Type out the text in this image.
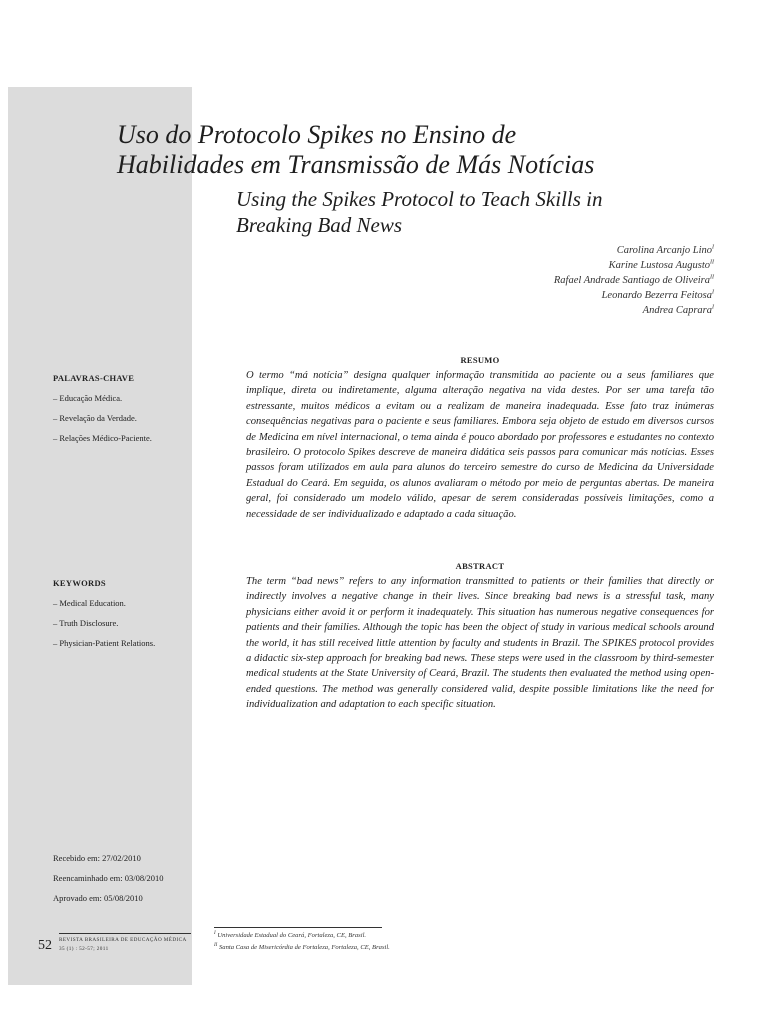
Uso do Protocolo Spikes no Ensino de
Habilidades em Transmissão de Más Notícias
Using the Spikes Protocol to Teach Skills in
Breaking Bad News
Carolina Arcanjo Lino$^I$
Karine Lustosa Augusto$^{II}$
Rafael Andrade Santiago de Oliveira$^{II}$
Leonardo Bezerra Feitosa$^I$
Andrea Caprara$^I$
PALAVRAS-CHAVE
– Educação Médica.
– Revelação da Verdade.
– Relações Médico-Paciente.
KEYWORDS
– Medical Education.
– Truth Disclosure.
– Physician-Patient Relations.
RESUMO
O termo “má notícia” designa qualquer informação transmitida ao paciente ou a seus familiares que implique, direta ou indiretamente, alguma alteração negativa na vida destes. Por ser uma tarefa tão estressante, muitos médicos a evitam ou a realizam de maneira inadequada. Esse fato traz inúmeras consequências negativas para o paciente e seus familiares. Embora seja objeto de estudo em diversos cursos de Medicina em nível internacional, o tema ainda é pouco abordado por professores e estudantes no contexto brasileiro. O protocolo Spikes descreve de maneira didática seis passos para comunicar más notícias. Esses passos foram utilizados em aula para alunos do terceiro semestre do curso de Medicina da Universidade Estadual do Ceará. Em seguida, os alunos avaliaram o método por meio de perguntas abertas. De maneira geral, foi considerado um modelo válido, apesar de serem consideradas possíveis limitações, como a necessidade de ser individualizado e adaptado a cada situação.
ABSTRACT
The term “bad news” refers to any information transmitted to patients or their families that directly or indirectly involves a negative change in their lives. Since breaking bad news is a stressful task, many physicians either avoid it or perform it inadequately. This situation has numerous negative consequences for patients and their families. Although the topic has been the object of study in various medical schools around the world, it has still received little attention by faculty and students in Brazil. The SPIKES protocol provides a didactic six-step approach for breaking bad news. These steps were used in the classroom by third-semester medical students at the State University of Ceará, Brazil. The students then evaluated the method using open-ended questions. The method was generally considered valid, despite possible limitations like the need for individualization and adaptation to each specific situation.
Recebido em: 27/02/2010
Reencaminhado em: 03/08/2010
Aprovado em: 05/08/2010
52 REVISTA BRASILEIRA DE EDUCAÇÃO MÉDICA
35 (1) : 52-57; 2011
$^I$ Universidade Estadual do Ceará, Fortaleza, CE, Brasil.
$^{II}$ Santa Casa de Misericórdia de Fortaleza, Fortaleza, CE, Brasil.
